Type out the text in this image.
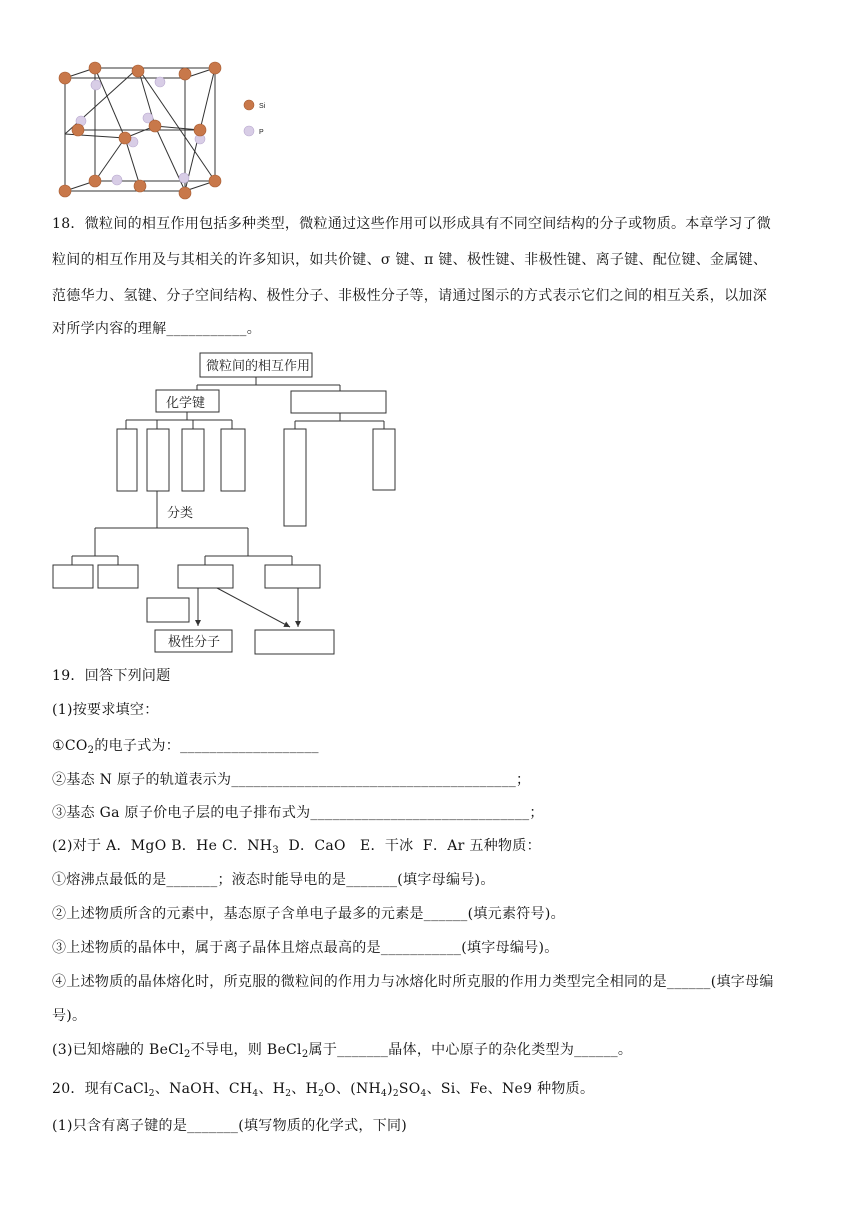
Si
P
18．微粒间的相互作用包括多种类型，微粒通过这些作用可以形成具有不同空间结构的分子或物质。本章学习了微
粒间的相互作用及与其相关的许多知识，如共价键、σ 键、π 键、极性键、非极性键、离子键、配位键、金属键、
范德华力、氢键、分子空间结构、极性分子、非极性分子等，请通过图示的方式表示它们之间的相互关系，以加深
对所学内容的理解___________。
微粒间的相互作用
化学键
分类
极性分子
19．回答下列问题
(1)按要求填空：
$①CO_2$的电子式为：___________________
②基态 N 原子的轨道表示为_______________________________________；
③基态 Ga 原子价电子层的电子排布式为______________________________；
(2)对于 A．MgO B．He C．$NH_3$  D．CaO   E．干冰  F．Ar 五种物质：
①熔沸点最低的是_______；液态时能导电的是_______(填字母编号)。
②上述物质所含的元素中，基态原子含单电子最多的元素是______(填元素符号)。
③上述物质的晶体中，属于离子晶体且熔点最高的是___________(填字母编号)。
④上述物质的晶体熔化时，所克服的微粒间的作用力与冰熔化时所克服的作用力类型完全相同的是______(填字母编
号)。
(3)已知熔融的 BeCl$_2$不导电，则 BeCl$_2$属于_______晶体，中心原子的杂化类型为______。
20．现有CaCl$_2$、NaOH、$CH_4$、$H_2$、$H_2O$、$(NH_4)_2SO_4$、Si、Fe、Ne9 种物质。
(1)只含有离子键的是_______(填写物质的化学式，下同)
